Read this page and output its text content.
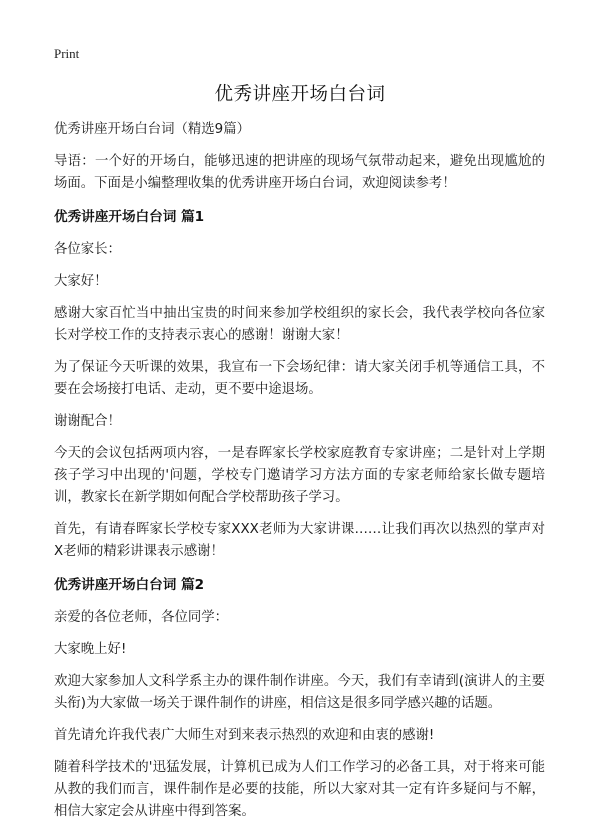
Print
优秀讲座开场白台词

优秀讲座开场白台词（精选9篇）

导语：一个好的开场白，能够迅速的把讲座的现场气氛带动起来，避免出现尴尬的场面。下面是小编整理收集的优秀讲座开场白台词，欢迎阅读参考！

优秀讲座开场白台词 篇1

各位家长：

大家好！

感谢大家百忙当中抽出宝贵的时间来参加学校组织的家长会，我代表学校向各位家长对学校工作的支持表示衷心的感谢！谢谢大家！

为了保证今天听课的效果，我宣布一下会场纪律：请大家关闭手机等通信工具，不要在会场接打电话、走动，更不要中途退场。

谢谢配合！

今天的会议包括两项内容，一是春晖家长学校家庭教育专家讲座；二是针对上学期孩子学习中出现的'问题，学校专门邀请学习方法方面的专家老师给家长做专题培训，教家长在新学期如何配合学校帮助孩子学习。

首先，有请春晖家长学校专家XXX老师为大家讲课……让我们再次以热烈的掌声对X老师的精彩讲课表示感谢！

优秀讲座开场白台词 篇2

亲爱的各位老师，各位同学：

大家晚上好!

欢迎大家参加人文科学系主办的课件制作讲座。今天，我们有幸请到(演讲人的主要头衔)为大家做一场关于课件制作的讲座，相信这是很多同学感兴趣的话题。

首先请允许我代表广大师生对到来表示热烈的欢迎和由衷的感谢!

随着科学技术的'迅猛发展，计算机已成为人们工作学习的必备工具，对于将来可能从教的我们而言，课件制作是必要的技能，所以大家对其一定有许多疑问与不解，相信大家定会从讲座中得到答案。
